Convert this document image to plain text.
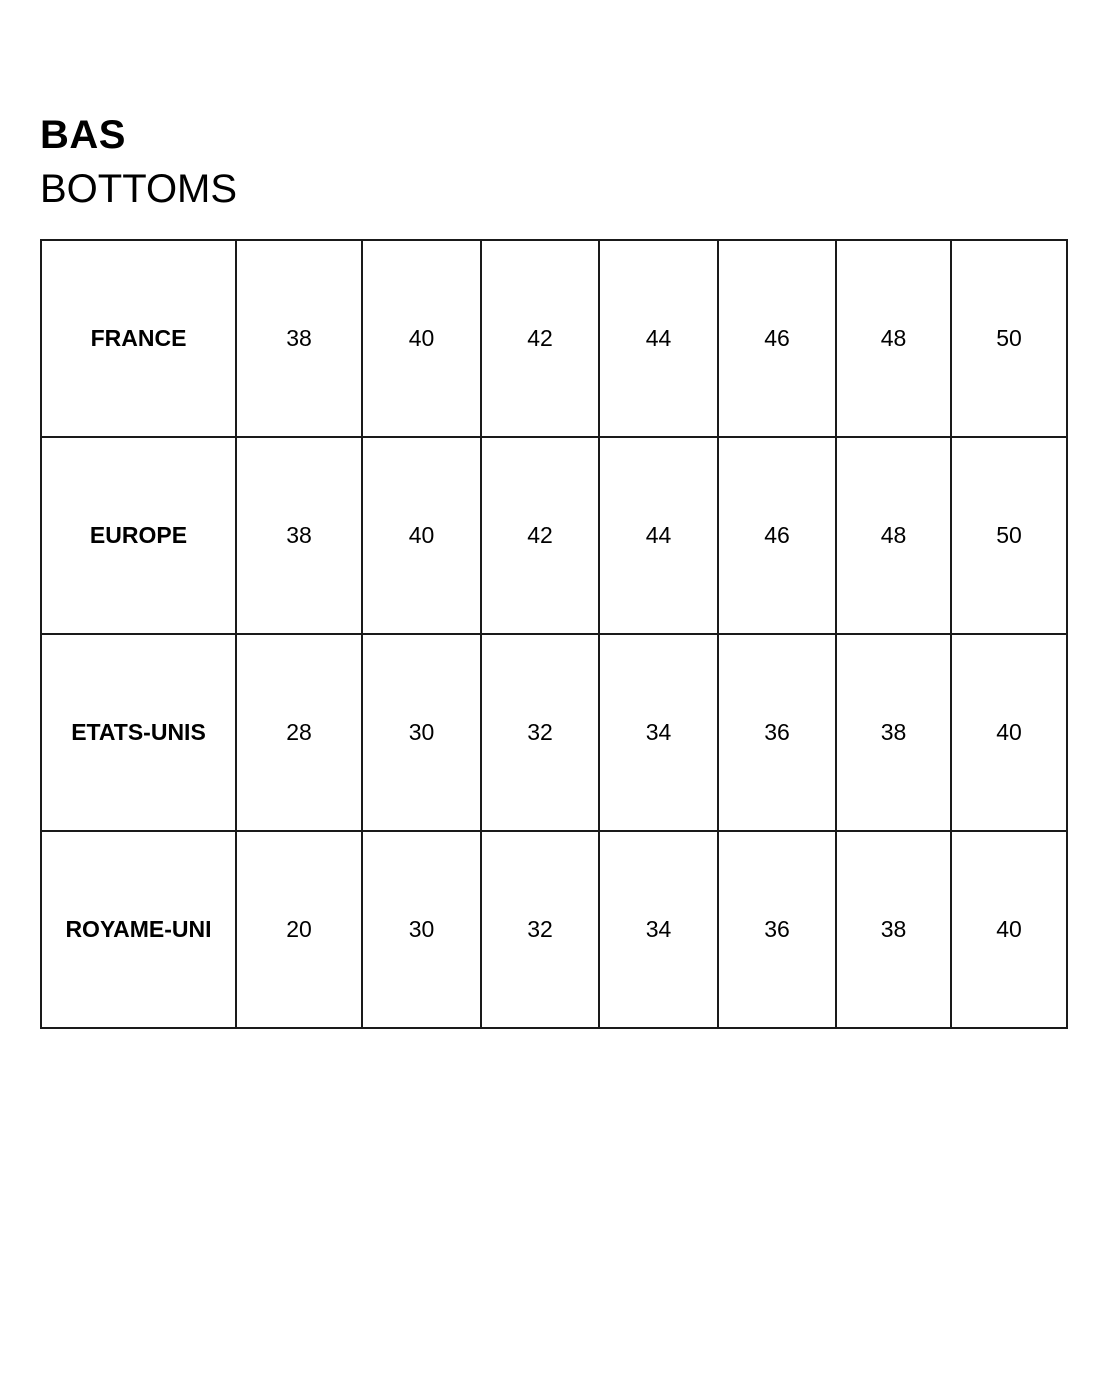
BAS
BOTTOMS
FRANCE	38	40	42	44	46	48	50
EUROPE	38	40	42	44	46	48	50
ETATS-UNIS	28	30	32	34	36	38	40
ROYAME-UNI	20	30	32	34	36	38	40
